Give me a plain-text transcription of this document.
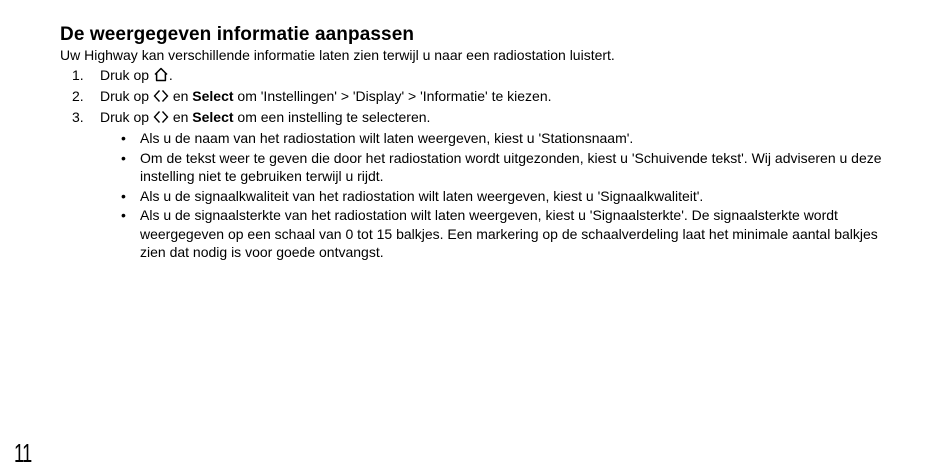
De weergegeven informatie aanpassen

Uw Highway kan verschillende informatie laten zien terwijl u naar een radiostation luistert.

1. Druk op .
2. Druk op en Select om 'Instellingen' > 'Display' > 'Informatie' te kiezen.
3. Druk op en Select om een instelling te selecteren.
• Als u de naam van het radiostation wilt laten weergeven, kiest u 'Stationsnaam'.
• Om de tekst weer te geven die door het radiostation wordt uitgezonden, kiest u 'Schuivende tekst'. Wij adviseren u deze instelling niet te gebruiken terwijl u rijdt.
• Als u de signaalkwaliteit van het radiostation wilt laten weergeven, kiest u 'Signaalkwaliteit'.
• Als u de signaalsterkte van het radiostation wilt laten weergeven, kiest u 'Signaalsterkte'. De signaalsterkte wordt weergegeven op een schaal van 0 tot 15 balkjes. Een markering op de schaalverdeling laat het minimale aantal balkjes zien dat nodig is voor goede ontvangst.
11
